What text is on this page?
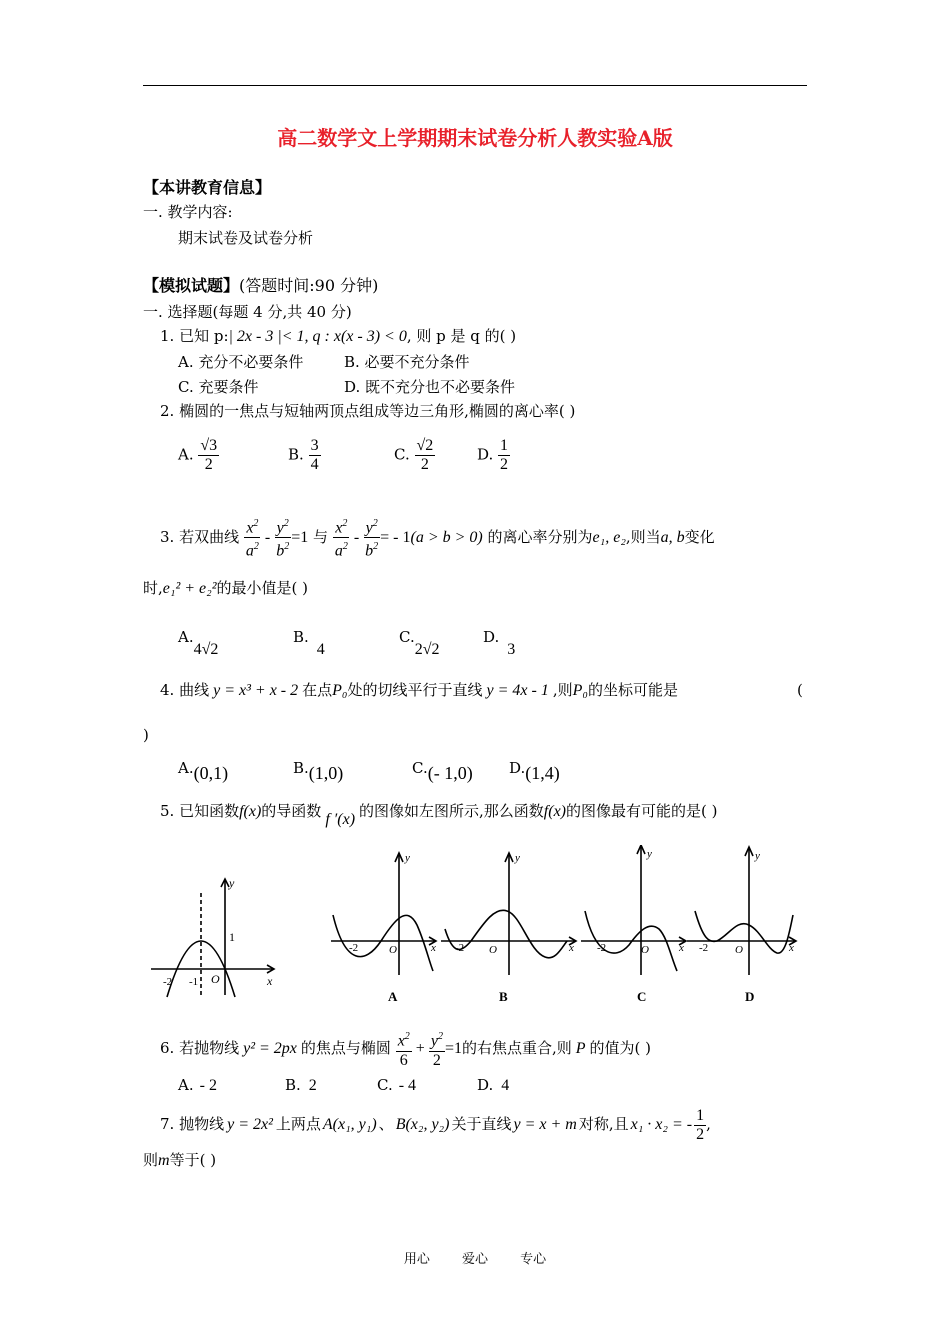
高二数学文上学期期末试卷分析人教实验A版
【本讲教育信息】
一. 教学内容:
期末试卷及试卷分析
【模拟试题】(答题时间:90 分钟)
一. 选择题(每题 4 分,共 40 分)
1. 已知 p:| 2x - 3 |< 1, q : x(x - 3) < 0, 则 p 是 q 的( )
A. 充分不必要条件	B. 必要不充分条件
C. 充要条件	D. 既不充分也不必要条件
2. 椭圆的一焦点与短轴两顶点组成等边三角形,椭圆的离心率( )
A. $\frac{√3}{2}$	B. $\frac{3}{4}$	C. $\frac{√2}{2}$	D. $\frac{1}{2}$
3. 若双曲线 $\frac{x^2}{a^2} - \frac{y^2}{b^2} =1$ 与 $\frac{x^2}{a^2} - \frac{y^2}{b^2}$ = - 1(a > b > 0) 的离心率分别为e₁, e₂,则当a, b变化
时,e₁² + e₂²的最小值是( )
A.4√2
B.4
C.2√2
D.3
4. 曲线 y = x³ + x - 2 在点P₀处的切线平行于直线 y = 4x - 1 ,则P₀的坐标可能是	(
)
A.(0,1)	B.(1,0)	C.(- 1,0) D.(1,4)
5. 已知函数f(x)的导函数 f ′(x) 的图像如左图所示,那么函数f(x)的图像最有可能的是( )
y
x
1
-2 -1 O
y
x
-2	O
A
y
x
-2 O
B
y
x
-2	O
C
y
x
-2 O
D
6. 若抛物线 y² = 2px 的焦点与椭圆 $\frac{x^2}{6} + \frac{y^2}{2} =1$的右焦点重合,则 P 的值为( )
A. - 2	B. 2	C. - 4	D. 4
7. 抛物线 y = 2x² 上两点 A(x₁, y₁) 、 B(x₂, y₂) 关于直线 y = x + m 对称,且 x₁ · x₂ = - $\frac{1}{2}$ ,
则m等于( )
用心 爱心 专心
